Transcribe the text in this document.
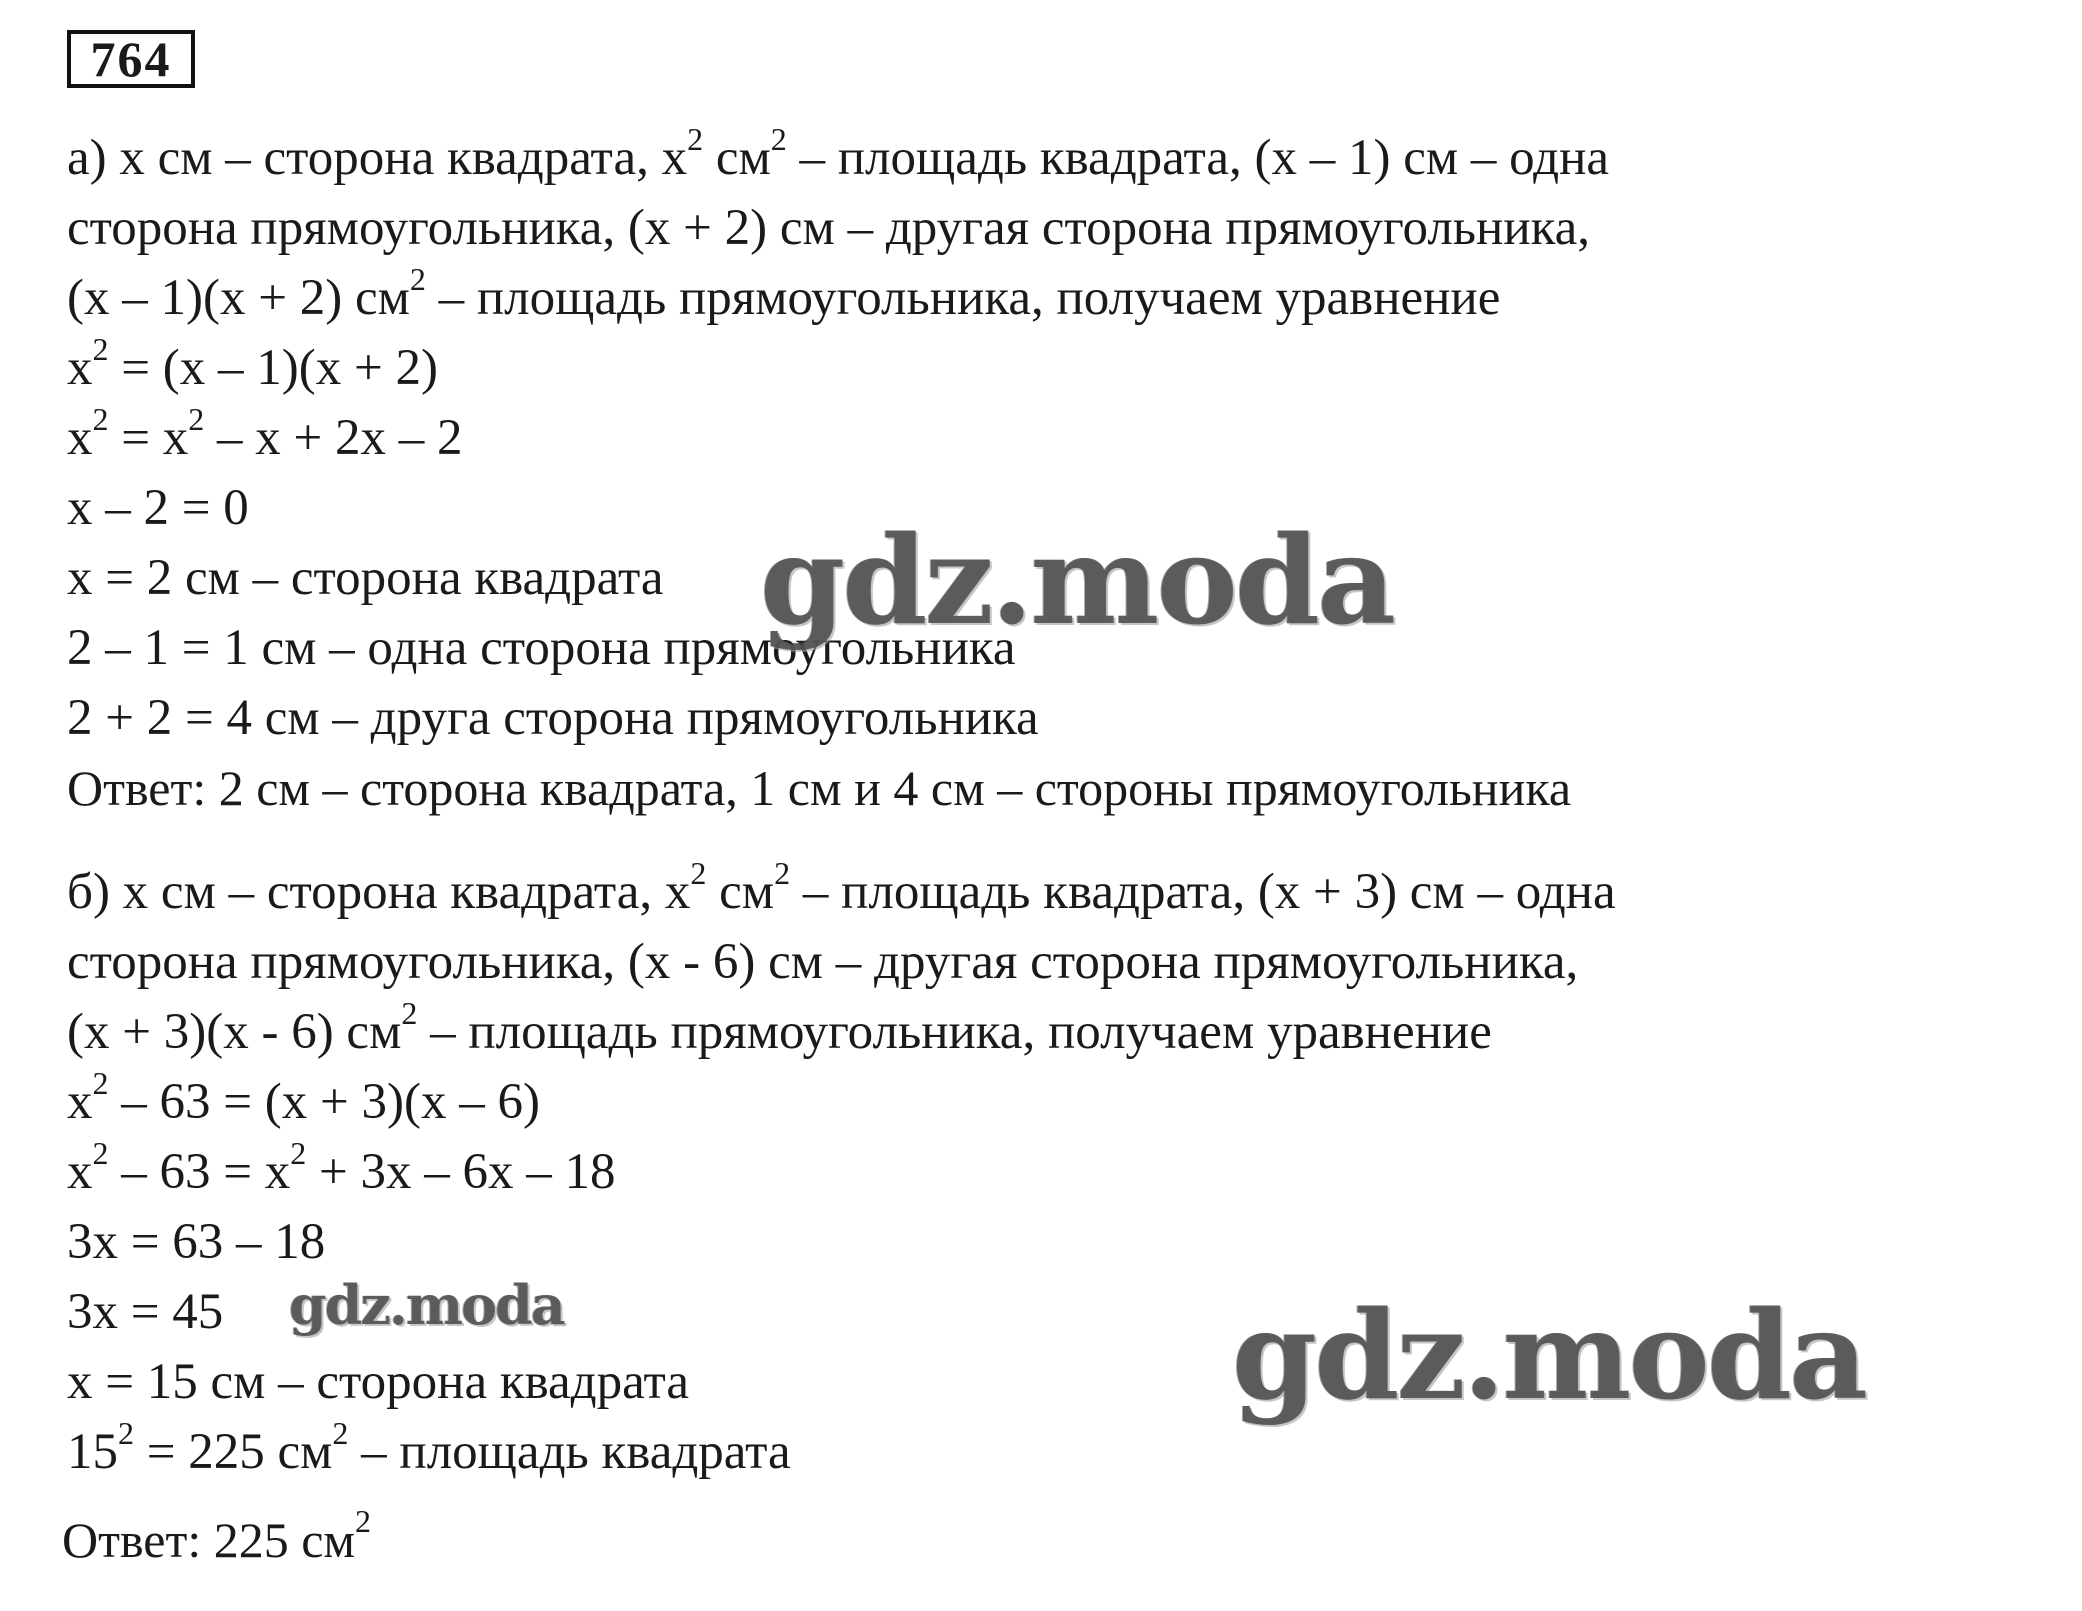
764
а) x см – сторона квадрата, $x^2$ $см^2$ – площадь квадрата, (x – 1) см – одна
сторона прямоугольника, (x + 2) см – другая сторона прямоугольника,
(x – 1)(x + 2) $см^2$ – площадь прямоугольника, получаем уравнение
$x^2 = (x - 1)(x + 2)$
$x^2 = x^2 - x + 2x - 2$
x – 2 = 0
x = 2 см – сторона квадрата
2 – 1 = 1 см – одна сторона прямоугольника
2 + 2 = 4 см – друга сторона прямоугольника
Ответ: 2 см – сторона квадрата, 1 см и 4 см – стороны прямоугольника
б) x см – сторона квадрата, $x^2$ $см^2$ – площадь квадрата, (x + 3) см – одна
сторона прямоугольника, (x - 6) см – другая сторона прямоугольника,
(x + 3)(x - 6) $см^2$ – площадь прямоугольника, получаем уравнение
$x^2 - 63 = (x + 3)(x - 6)$
$x^2 - 63 = x^2 + 3x - 6x - 18$
3x = 63 – 18
3x = 45
x = 15 см – сторона квадрата
$15^2 = 225$ $см^2$ – площадь квадрата
Ответ: 225 $см^2$
gdz.moda
gdz.moda	gdz.moda
